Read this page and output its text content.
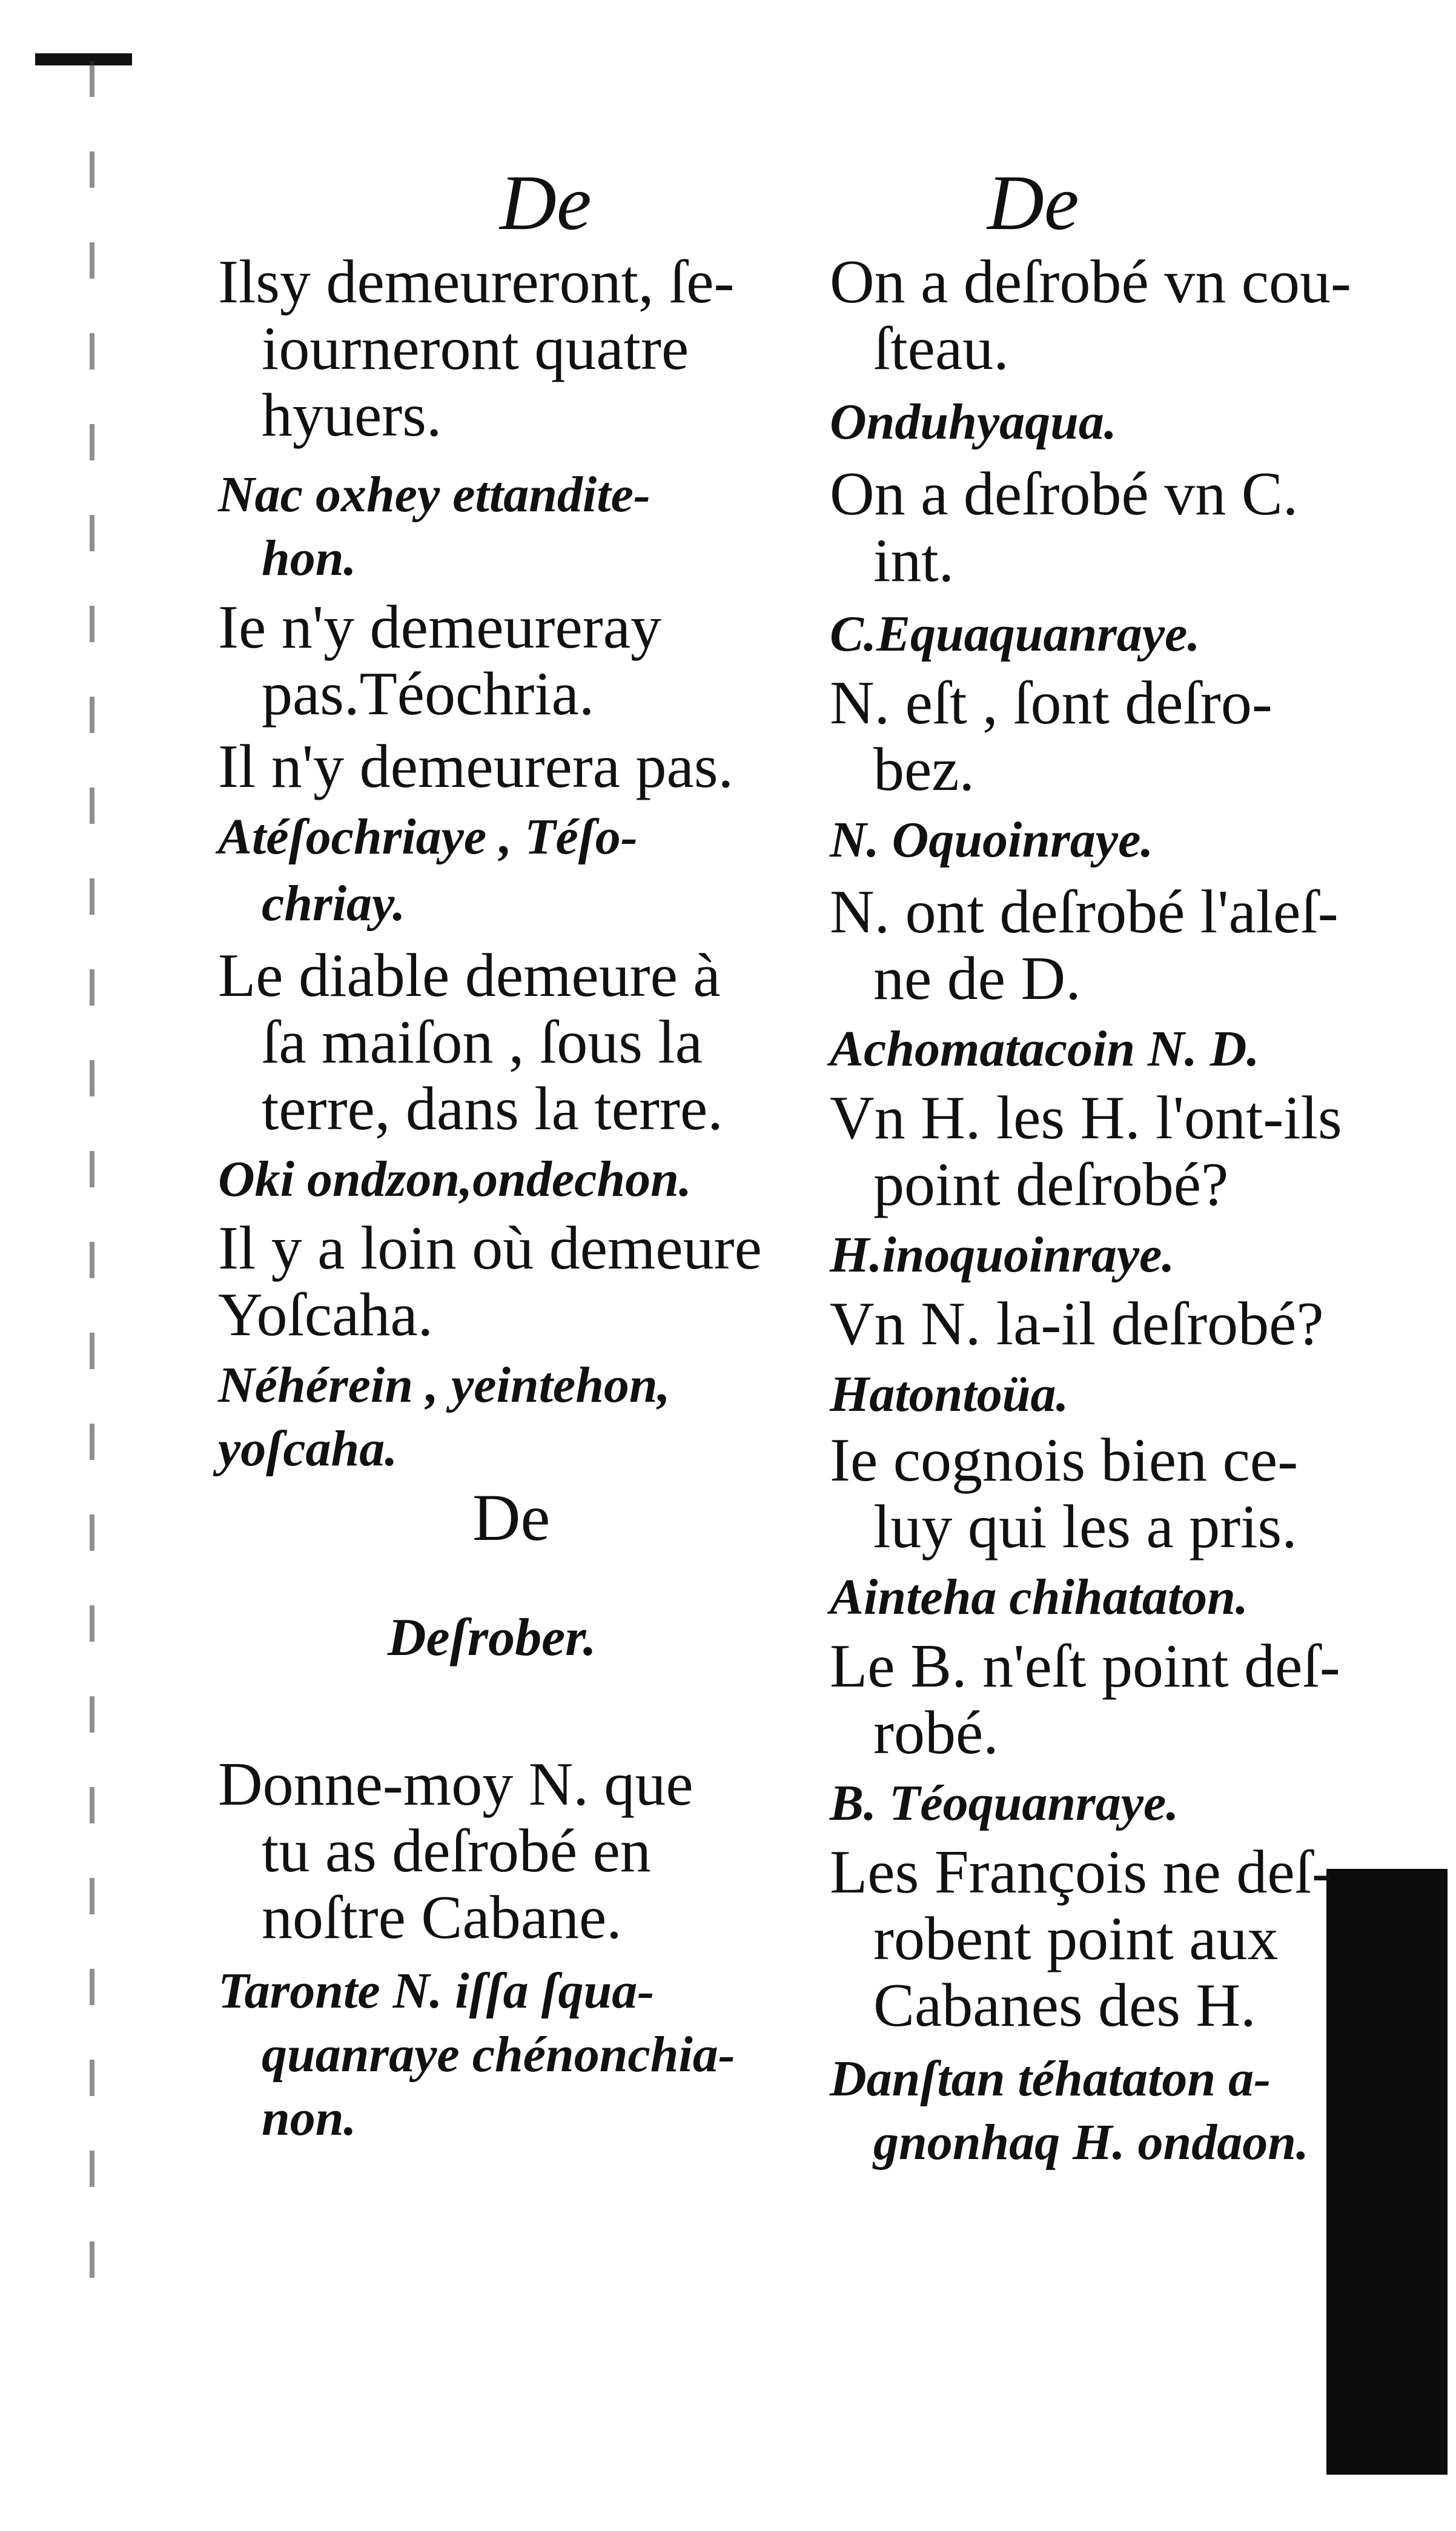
De
Ilsy demeureront, ſe-
iourneront quatre
hyuers.
Nac oxhey ettandite-
hon.
Ie n'y demeureray
pas.Téochria.
Il n'y demeurera pas.
Atéſochriaye , Téſo-
chriay.
Le diable demeure à
ſa maiſon , ſous la
terre, dans la terre.
Oki ondzon,ondechon.
Il y a loin où demeure
Yoſcaha.
Néhérein , yeintehon,
yoſcaha.
De
Deſrober.
Donne-moy N. que
tu as deſrobé en
noſtre Cabane.
Taronte N. iſſa ſqua-
quanraye chénonchia-
non.
De
On a deſrobé vn cou-
ſteau.
Onduhyaqua.
On a deſrobé vn C.
int.
C.Equaquanraye.
N. eſt , ſont deſro-
bez.
N. Oquoinraye.
N. ont deſrobé l'aleſ-
ne de D.
Achomatacoin N. D.
Vn H. les H. l'ont-ils
point deſrobé?
H.inoquoinraye.
Vn N. la-il deſrobé?
Hatontoüa.
Ie cognois bien ce-
luy qui les a pris.
Ainteha chihataton.
Le B. n'eſt point deſ-
robé.
B. Téoquanraye.
Les François ne deſ-
robent point aux
Cabanes des H.
Danſtan téhataton a-
gnonhaq H. ondaon.
